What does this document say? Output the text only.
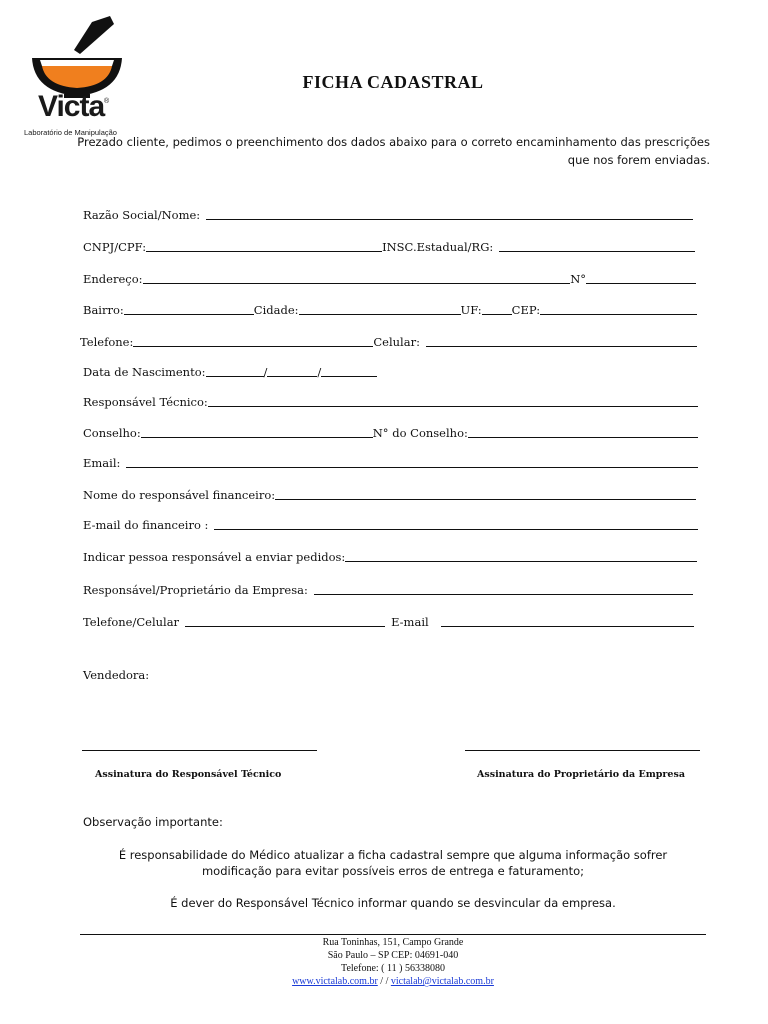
Victa ®
Laboratório de Manipulação
FICHA CADASTRAL
Prezado cliente, pedimos o preenchimento dos dados abaixo para o correto encaminhamento das prescrições que nos forem enviadas.
Razão Social/Nome:
CNPJ/CPF:	INSC.Estadual/RG:
Endereço:	N°
Bairro:	Cidade:	UF:	CEP:
Telefone:	Celular:
Data de Nascimento:	/	/
Responsável Técnico:
Conselho:	N° do Conselho:
Email:
Nome do responsável financeiro:
E-mail do financeiro :
Indicar pessoa responsável a enviar pedidos:
Responsável/Proprietário da Empresa:
Telefone/Celular	E-mail
Vendedora:
Assinatura do Responsável Técnico	Assinatura do Proprietário da Empresa
Observação importante:
É responsabilidade do Médico atualizar a ficha cadastral sempre que alguma informação sofrer modificação para evitar possíveis erros de entrega e faturamento;
É dever do Responsável Técnico informar quando se desvincular da empresa.
Rua Toninhas, 151, Campo Grande
São Paulo – SP CEP: 04691-040
Telefone: ( 11 ) 56338080
www.victalab.com.br / / victalab@victalab.com.br
